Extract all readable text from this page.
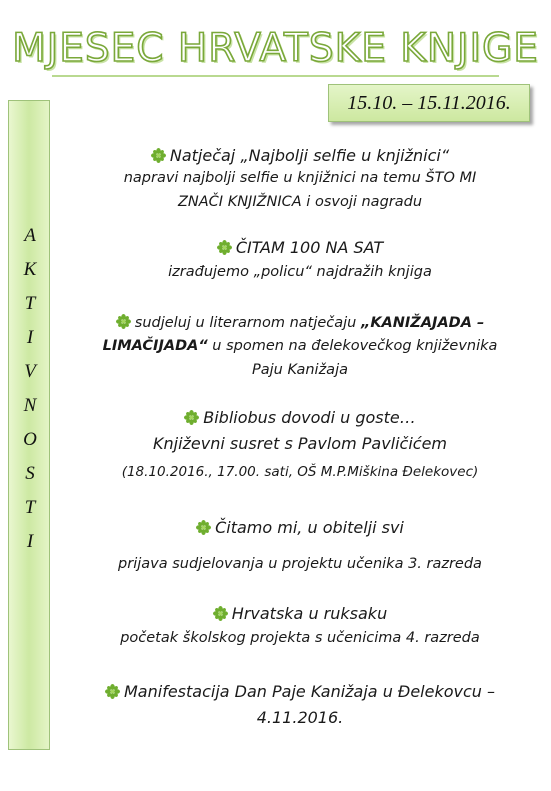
MJESEC HRVATSKE KNJIGE
15.10. – 15.11.2016.
A
K
T
I
V
N
O
S
T
I
Natječaj „Najbolji selfie u knjižnici“
napravi najbolji selfie u knjižnici na temu ŠTO MI
ZNAČI KNJIŽNICA i osvoji nagradu
ČITAM 100 NA SAT
izrađujemo „policu“ najdražih knjiga
sudjeluj u literarnom natječaju „KANIŽAJADA –
LIMAČIJADA“ u spomen na đelekovečkog književnika
Paju Kanižaja
Bibliobus dovodi u goste…
Književni susret s Pavlom Pavličićem
(18.10.2016., 17.00. sati, OŠ M.P.Miškina Đelekovec)
Čitamo mi, u obitelji svi
prijava sudjelovanja u projektu učenika 3. razreda
Hrvatska u ruksaku
početak školskog projekta s učenicima 4. razreda
Manifestacija Dan Paje Kanižaja u Đelekovcu –
4.11.2016.
